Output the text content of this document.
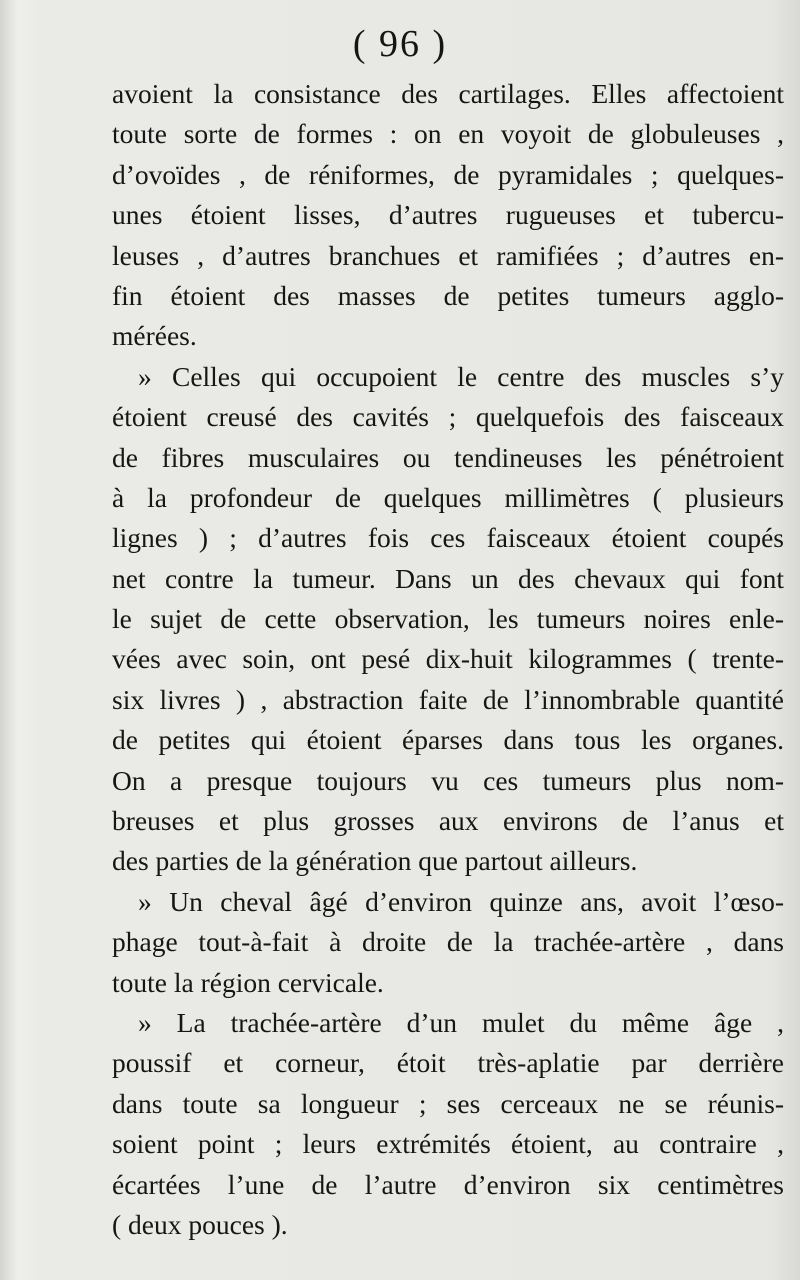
( 96 )
avoient la consistance des cartilages. Elles affectoient
toute sorte de formes : on en voyoit de globuleuses ,
d’ovoïdes , de réniformes, de pyramidales ; quelques-
unes étoient lisses, d’autres rugueuses et tubercu-
leuses , d’autres branchues et ramifiées ; d’autres en-
fin étoient des masses de petites tumeurs agglo-
mérées.
» Celles qui occupoient le centre des muscles s’y
étoient creusé des cavités ; quelquefois des faisceaux
de fibres musculaires ou tendineuses les pénétroient
à la profondeur de quelques millimètres ( plusieurs
lignes ) ; d’autres fois ces faisceaux étoient coupés
net contre la tumeur. Dans un des chevaux qui font
le sujet de cette observation, les tumeurs noires enle-
vées avec soin, ont pesé dix-huit kilogrammes ( trente-
six livres ) , abstraction faite de l’innombrable quantité
de petites qui étoient éparses dans tous les organes.
On a presque toujours vu ces tumeurs plus nom-
breuses et plus grosses aux environs de l’anus et
des parties de la génération que partout ailleurs.
» Un cheval âgé d’environ quinze ans, avoit l’œso-
phage tout-à-fait à droite de la trachée-artère , dans
toute la région cervicale.
» La trachée-artère d’un mulet du même âge ,
poussif et corneur, étoit très-aplatie par derrière
dans toute sa longueur ; ses cerceaux ne se réunis-
soient point ; leurs extrémités étoient, au contraire ,
écartées l’une de l’autre d’environ six centimètres
( deux pouces ).
